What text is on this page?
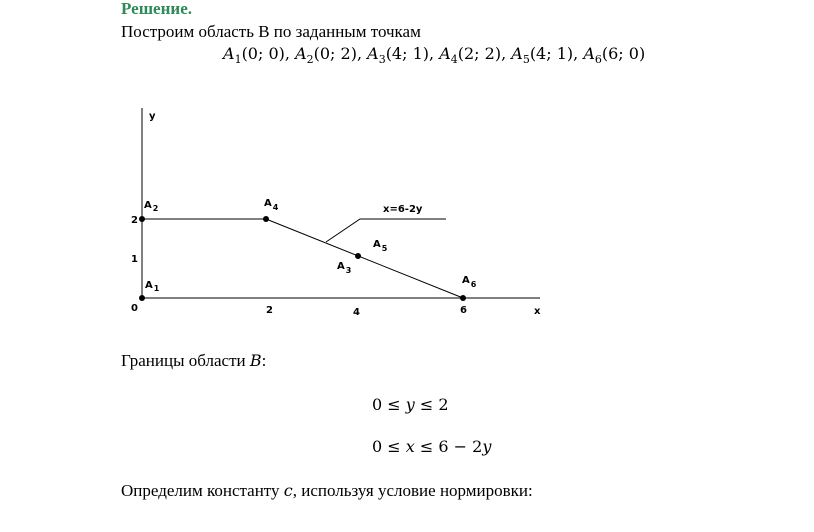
Решение.
Построим область B по заданным точкам
$A_1(0$; 0), $A_2(0$; 2), $A_3(4$; 1), $A_4(2$; 2), $A_5(4$; 1), $A_6(6$; 0)
y
x
x=6-2y
$A_2$	$A_4$
$A_5$
$A_3$
$A_1$
$A_6$
2
1
0	2	4	6
Границы области B:
0 ≤ y ≤ 2
0 ≤ x ≤ 6 − 2y
Определим константу c, используя условие нормировки:
